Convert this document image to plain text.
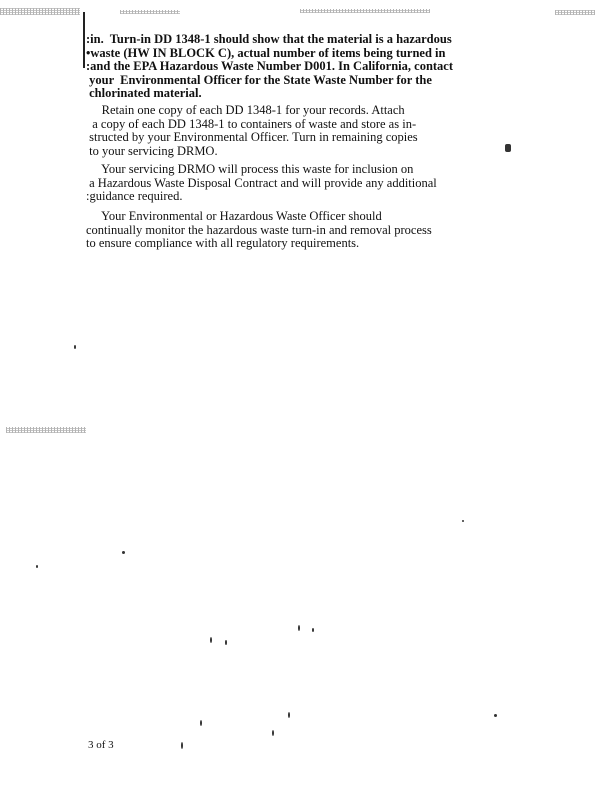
:in.  Turn-in DD 1348-1 should show that the material is a hazardous
•waste (HW IN BLOCK C), actual number of items being turned in
:and the EPA Hazardous Waste Number D001. In California, contact
your  Environmental Officer for the State Waste Number for the
chlorinated material.

Retain one copy of each DD 1348-1 for your records. Attach
a copy of each DD 1348-1 to containers of waste and store as in-
structed by your Environmental Officer. Turn in remaining copies
to your servicing DRMO.

Your servicing DRMO will process this waste for inclusion on
a Hazardous Waste Disposal Contract and will provide any additional
:guidance required.

Your Environmental or Hazardous Waste Officer should
continually monitor the hazardous waste turn-in and removal process
to ensure compliance with all regulatory requirements.

3 of 3
